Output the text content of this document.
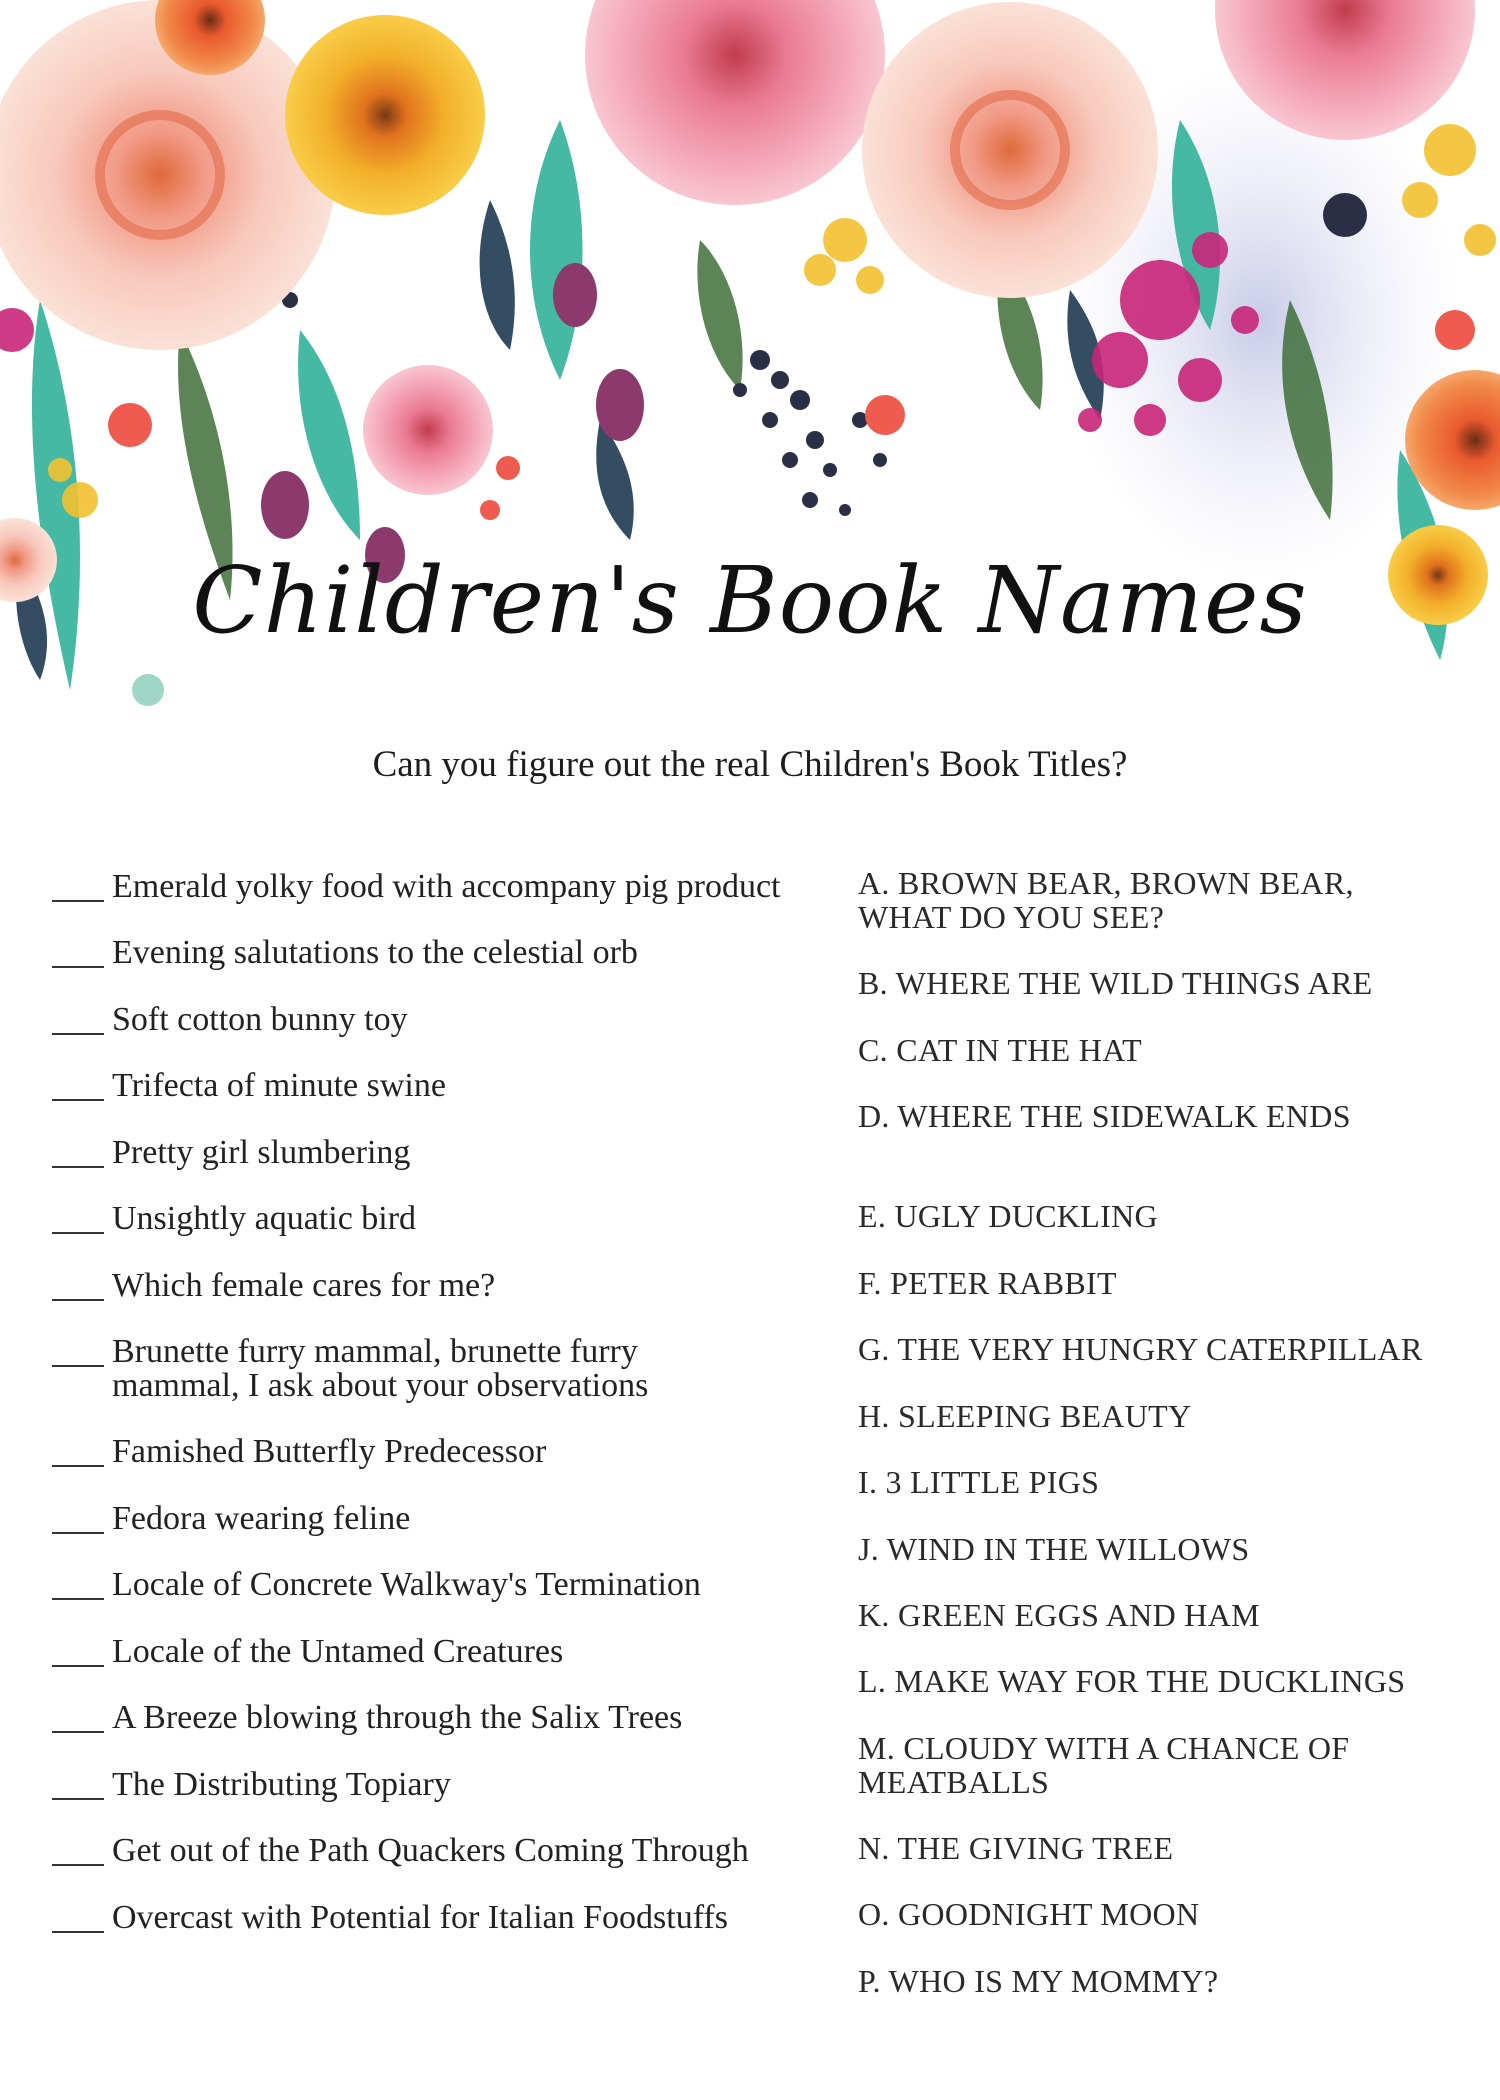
Children's Book Names
Can you figure out the real Children's Book Titles?
Emerald yolky food with accompany pig product
Evening salutations to the celestial orb
Soft cotton bunny toy
Trifecta of minute swine
Pretty girl slumbering
Unsightly aquatic bird
Which female cares for me?
Brunette furry mammal, brunette furry mammal, I ask about your observations
Famished Butterfly Predecessor
Fedora wearing feline
Locale of Concrete Walkway's Termination
Locale of the Untamed Creatures
A Breeze blowing through the Salix Trees
The Distributing Topiary
Get out of the Path Quackers Coming Through
Overcast with Potential for Italian Foodstuffs
A. BROWN BEAR, BROWN BEAR, WHAT DO YOU SEE?
B. WHERE THE WILD THINGS ARE
C. CAT IN THE HAT
D. WHERE THE SIDEWALK ENDS
E. UGLY DUCKLING
F. PETER RABBIT
G. THE VERY HUNGRY CATERPILLAR
H. SLEEPING BEAUTY
I. 3 LITTLE PIGS
J. WIND IN THE WILLOWS
K. GREEN EGGS AND HAM
L. MAKE WAY FOR THE DUCKLINGS
M. CLOUDY WITH A CHANCE OF MEATBALLS
N. THE GIVING TREE
O. GOODNIGHT MOON
P. WHO IS MY MOMMY?
